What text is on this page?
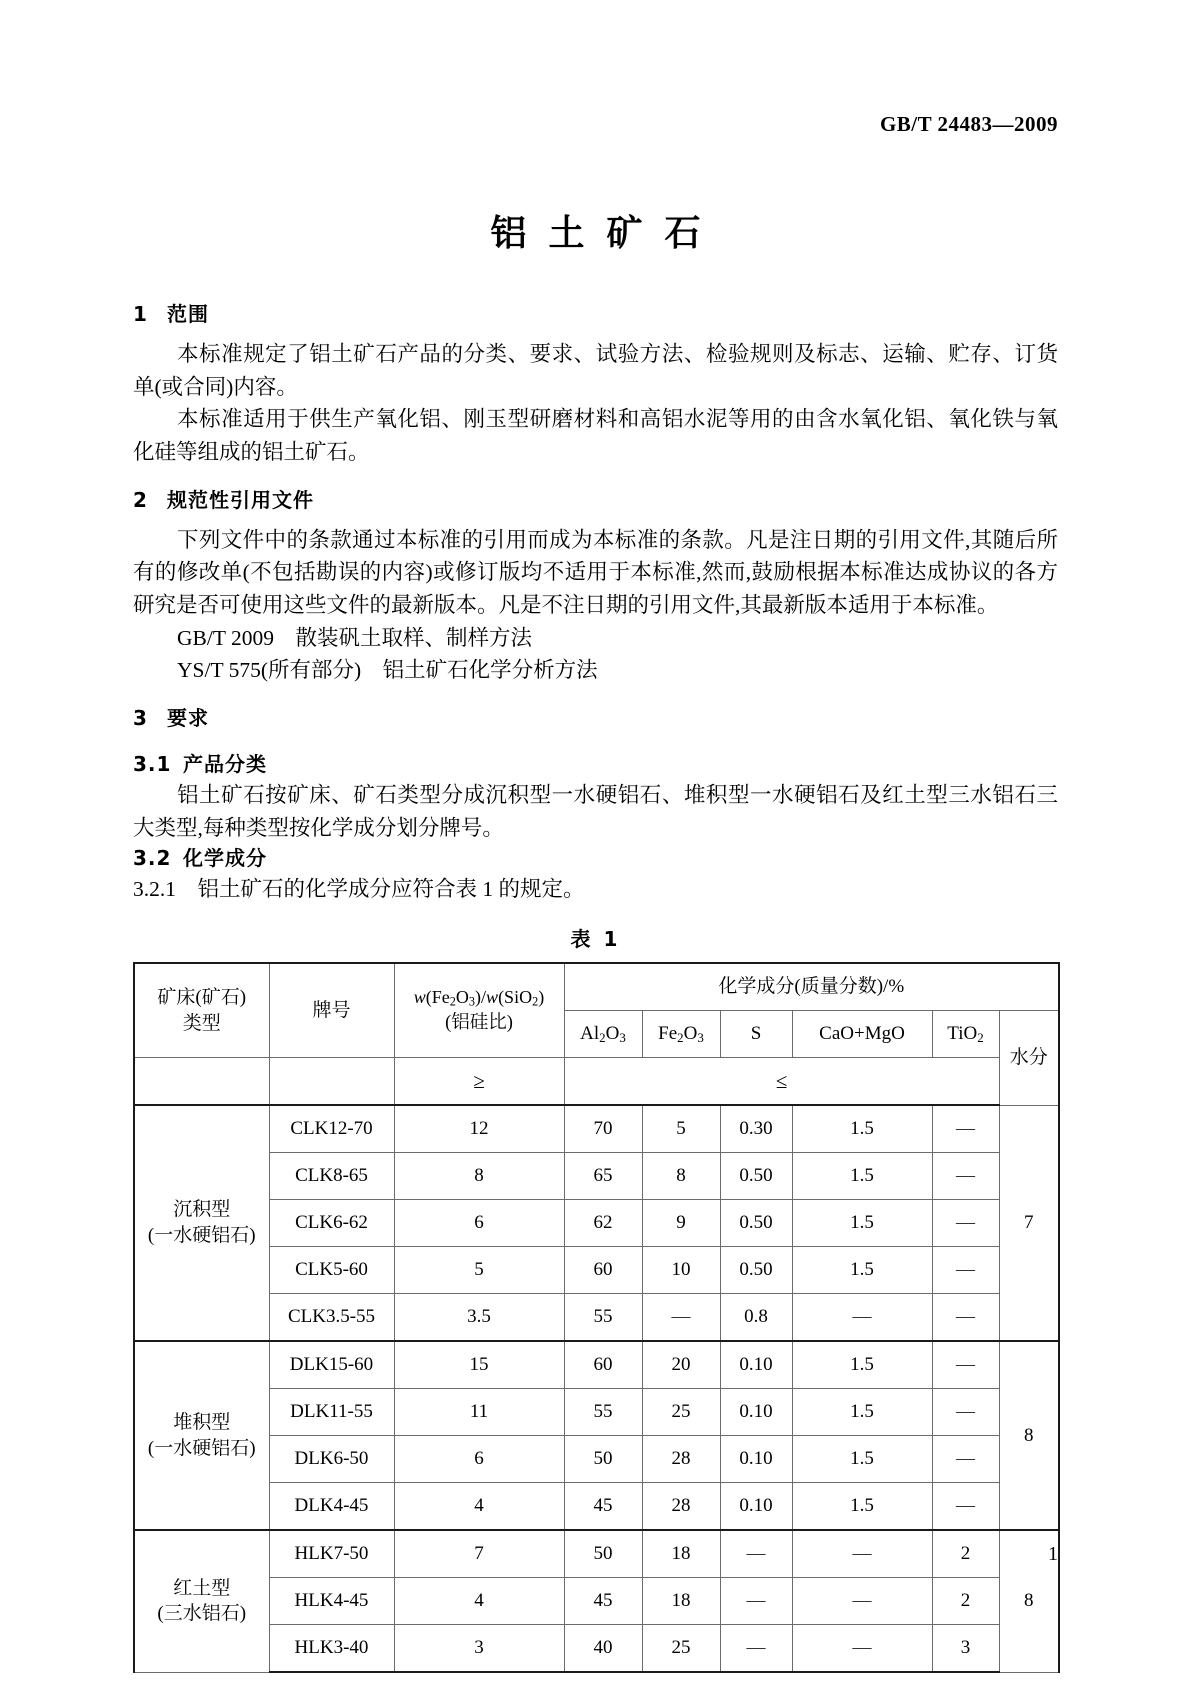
GB/T 24483—2009
铝土矿石
1 范围

本标准规定了铝土矿石产品的分类、要求、试验方法、检验规则及标志、运输、贮存、订货单(或合同)内容。

本标准适用于供生产氧化铝、刚玉型研磨材料和高铝水泥等用的由含水氧化铝、氧化铁与氧化硅等组成的铝土矿石。

2 规范性引用文件

下列文件中的条款通过本标准的引用而成为本标准的条款。凡是注日期的引用文件,其随后所有的修改单(不包括勘误的内容)或修订版均不适用于本标准,然而,鼓励根据本标准达成协议的各方研究是否可使用这些文件的最新版本。凡是不注日期的引用文件,其最新版本适用于本标准。

GB/T 2009　散装矾土取样、制样方法

YS/T 575(所有部分)　铝土矿石化学分析方法

3 要求
3.1 产品分类

铝土矿石按矿床、矿石类型分成沉积型一水硬铝石、堆积型一水硬铝石及红土型三水铝石三大类型,每种类型按化学成分划分牌号。

3.2 化学成分

3.2.1　铝土矿石的化学成分应符合表 1 的规定。

表 1
矿床(矿石)
类型	牌号	$w(Fe_2O_3)/w(SiO_2)$
(铝硅比)	化学成分(质量分数)/%					
			$Al_2O_3$	$Fe_2O_3$	S	CaO+MgO	TiO$_2$	水分
		≥	≤					
沉积型
(一水硬铝石)	CLK12-70	12	70	5	0.30	1.5	—	7
	CLK8-65	8	65	8	0.50	1.5	—	
	CLK6-62	6	62	9	0.50	1.5	—	
	CLK5-60	5	60	10	0.50	1.5	—	
	CLK3.5-55	3.5	55	—	0.8	—	—	
堆积型
(一水硬铝石)	DLK15-60	15	60	20	0.10	1.5	—	8
	DLK11-55	11	55	25	0.10	1.5	—	
	DLK6-50	6	50	28	0.10	1.5	—	
	DLK4-45	4	45	28	0.10	1.5	—	
红土型
(三水铝石)	HLK7-50	7	50	18	—	—	2	8
	HLK4-45	4	45	18	—	—	2	
	HLK3-40	3	40	25	—	—	3	
1
